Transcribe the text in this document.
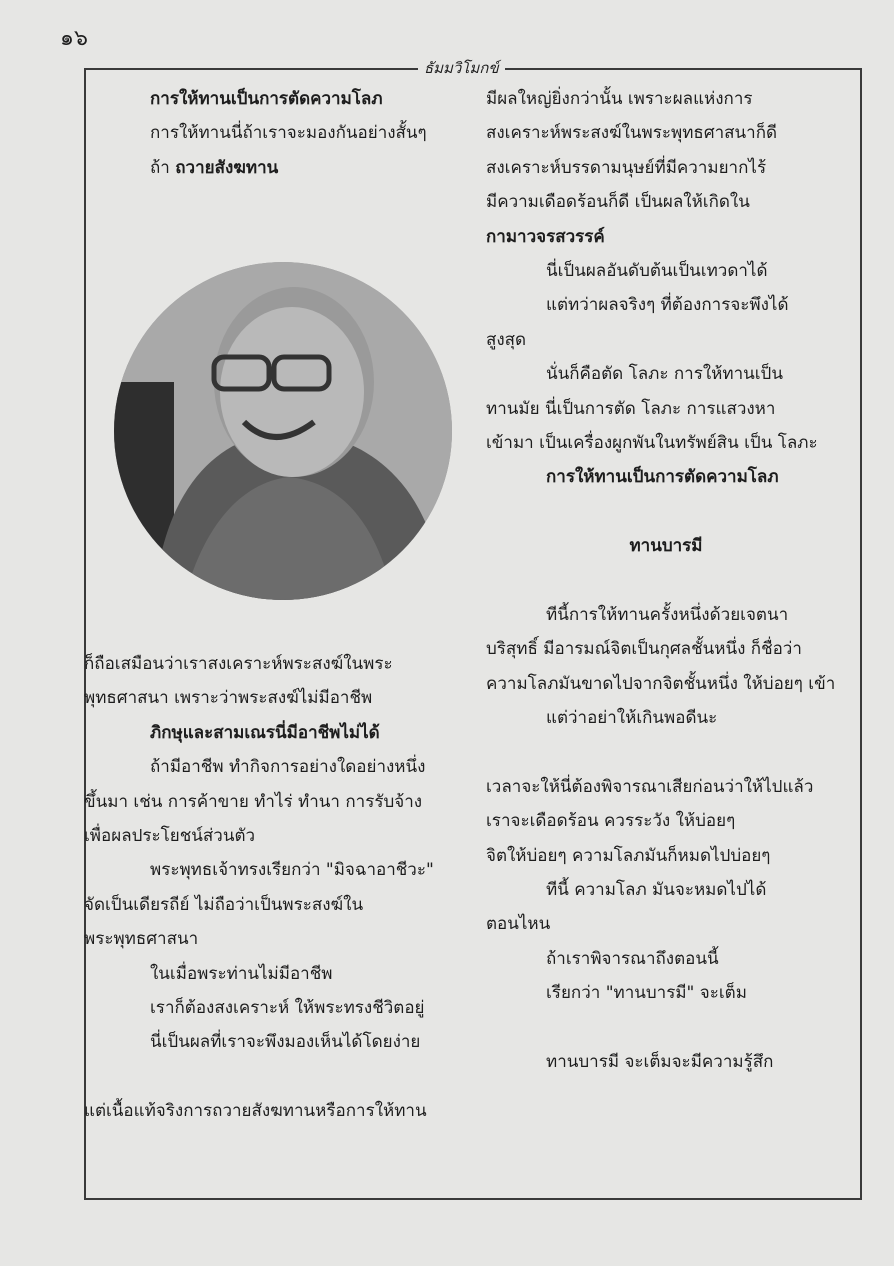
๑๖
ธัมมวิโมกข์
การให้ทานเป็นการตัดความโลภ
การให้ทานนี่ถ้าเราจะมองกันอย่างสั้นๆ
ถ้า ถวายสังฆทาน
ก็ถือเสมือนว่าเราสงเคราะห์พระสงฆ์ในพระ
พุทธศาสนา เพราะว่าพระสงฆ์ไม่มีอาชีพ
ภิกษุและสามเณรนี่มีอาชีพไม่ได้
ถ้ามีอาชีพ ทำกิจการอย่างใดอย่างหนึ่ง
ขึ้นมา เช่น การค้าขาย ทำไร่ ทำนา การรับจ้าง
เพื่อผลประโยชน์ส่วนตัว
พระพุทธเจ้าทรงเรียกว่า "มิจฉาอาชีวะ"
จัดเป็นเดียรถีย์ ไม่ถือว่าเป็นพระสงฆ์ใน
พระพุทธศาสนา
ในเมื่อพระท่านไม่มีอาชีพ
เราก็ต้องสงเคราะห์ ให้พระทรงชีวิตอยู่
นี่เป็นผลที่เราจะพึงมองเห็นได้โดยง่าย
แต่เนื้อแท้จริงการถวายสังฆทานหรือการให้ทาน
มีผลใหญ่ยิ่งกว่านั้น เพราะผลแห่งการ
สงเคราะห์พระสงฆ์ในพระพุทธศาสนาก็ดี
สงเคราะห์บรรดามนุษย์ที่มีความยากไร้
มีความเดือดร้อนก็ดี เป็นผลให้เกิดใน
กามาวจรสวรรค์
นี่เป็นผลอันดับต้นเป็นเทวดาได้
แต่ทว่าผลจริงๆ ที่ต้องการจะพึงได้
สูงสุด
นั่นก็คือตัด โลภะ การให้ทานเป็น
ทานมัย นี่เป็นการตัด โลภะ การแสวงหา
เข้ามา เป็นเครื่องผูกพันในทรัพย์สิน เป็น โลภะ
การให้ทานเป็นการตัดความโลภ
ทานบารมี
ทีนี้การให้ทานครั้งหนึ่งด้วยเจตนา
บริสุทธิ์ มีอารมณ์จิตเป็นกุศลชั้นหนึ่ง ก็ชื่อว่า
ความโลภมันขาดไปจากจิตชั้นหนึ่ง ให้บ่อยๆ เข้า
แต่ว่าอย่าให้เกินพอดีนะ
เวลาจะให้นี่ต้องพิจารณาเสียก่อนว่าให้ไปแล้ว
เราจะเดือดร้อน ควรระวัง ให้บ่อยๆ
จิตให้บ่อยๆ ความโลภมันก็หมดไปบ่อยๆ
ทีนี้ ความโลภ มันจะหมดไปได้
ตอนไหน
ถ้าเราพิจารณาถึงตอนนี้
เรียกว่า "ทานบารมี" จะเต็ม
ทานบารมี จะเต็มจะมีความรู้สึก
